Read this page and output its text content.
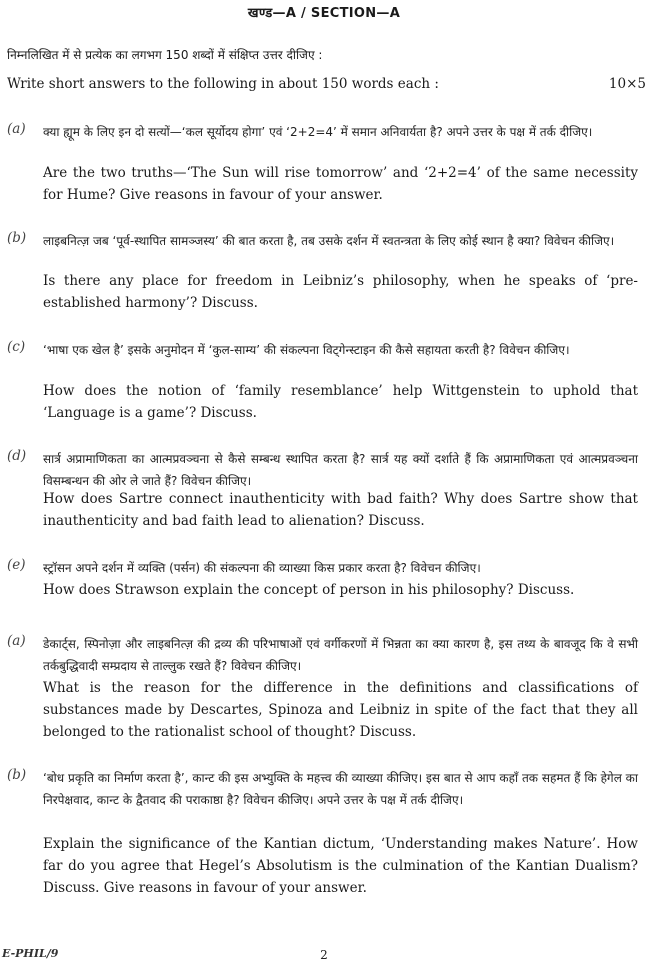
खण्ड—A / SECTION—A
निम्नलिखित में से प्रत्येक का लगभग 150 शब्दों में संक्षिप्त उत्तर दीजिए :
Write short answers to the following in about 150 words each :	10×5
(a) क्या ह्यूम के लिए इन दो सत्यों—‘कल सूर्योदय होगा’ एवं ‘2+2=4’ में समान अनिवार्यता है? अपने उत्तर के पक्ष में तर्क दीजिए।
Are the two truths—‘The Sun will rise tomorrow’ and ‘2+2=4’ of the same necessity for Hume? Give reasons in favour of your answer.
(b) लाइबनित्ज़ जब ‘पूर्व-स्थापित सामञ्जस्य’ की बात करता है, तब उसके दर्शन में स्वतन्त्रता के लिए कोई स्थान है क्या? विवेचन कीजिए।
Is there any place for freedom in Leibniz’s philosophy, when he speaks of ‘pre-established harmony’? Discuss.
(c) ‘भाषा एक खेल है’ इसके अनुमोदन में ‘कुल-साम्य’ की संकल्पना विट्गेन्स्टाइन की कैसे सहायता करती है? विवेचन कीजिए।
How does the notion of ‘family resemblance’ help Wittgenstein to uphold that ‘Language is a game’? Discuss.
(d) सार्त्र अप्रामाणिकता का आत्मप्रवञ्चना से कैसे सम्बन्ध स्थापित करता है? सार्त्र यह क्यों दर्शाते हैं कि अप्रामाणिकता एवं आत्मप्रवञ्चना विसम्बन्धन की ओर ले जाते हैं? विवेचन कीजिए।
How does Sartre connect inauthenticity with bad faith? Why does Sartre show that inauthenticity and bad faith lead to alienation? Discuss.
(e) स्ट्रॉसन अपने दर्शन में व्यक्ति (पर्सन) की संकल्पना की व्याख्या किस प्रकार करता है? विवेचन कीजिए।
How does Strawson explain the concept of person in his philosophy? Discuss.
(a) डेकार्ट्स, स्पिनोज़ा और लाइबनित्ज़ की द्रव्य की परिभाषाओं एवं वर्गीकरणों में भिन्नता का क्या कारण है, इस तथ्य के बावजूद कि वे सभी तर्कबुद्धिवादी सम्प्रदाय से ताल्लुक रखते हैं? विवेचन कीजिए।
What is the reason for the difference in the definitions and classifications of substances made by Descartes, Spinoza and Leibniz in spite of the fact that they all belonged to the rationalist school of thought? Discuss.
(b) ‘बोध प्रकृति का निर्माण करता है’, कान्ट की इस अभ्युक्ति के महत्त्व की व्याख्या कीजिए। इस बात से आप कहाँ तक सहमत हैं कि हेगेल का निरपेक्षवाद, कान्ट के द्वैतवाद की पराकाष्ठा है? विवेचन कीजिए। अपने उत्तर के पक्ष में तर्क दीजिए।
Explain the significance of the Kantian dictum, ‘Understanding makes Nature’. How far do you agree that Hegel’s Absolutism is the culmination of the Kantian Dualism? Discuss. Give reasons in favour of your answer.
E-PHIL/9	2
